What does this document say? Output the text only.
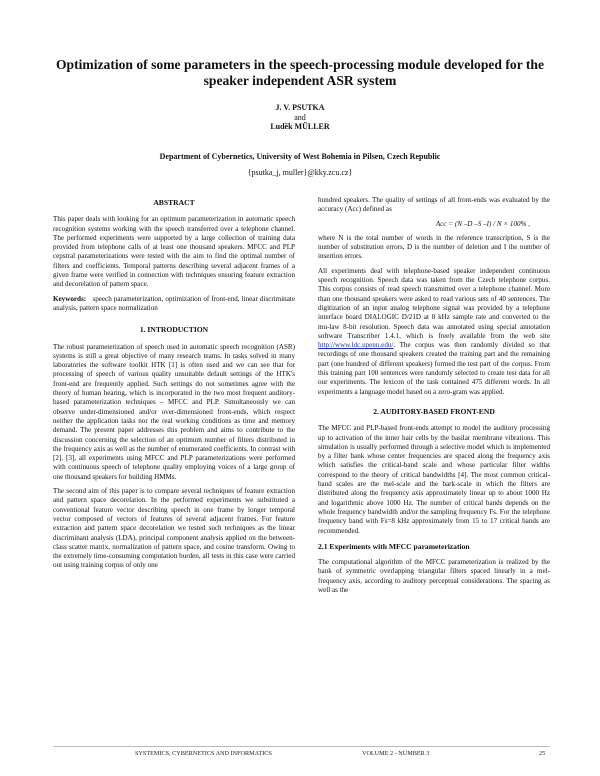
Optimization of some parameters in the speech-processing module developed for the speaker independent ASR system
J. V. PSUTKA
and
Luděk MÜLLER
Department of Cybernetics, University of West Bohemia in Pilsen, Czech Republic
{psutka_j, muller}@kky.zcu.cz}
ABSTRACT

This paper deals with looking for an optimum parameterization in automatic speech recognition systems working with the speech transferred over a telephone channel. The performed experiments were supported by a large collection of training data provided from telephone calls of at least one thousand speakers. MFCC and PLP cepstral parameterizations were tested with the aim to find the optimal number of filters and coefficients. Temporal patterns describing several adjacent frames of a given frame were verified in connection with techniques ensuring feature extraction and decorelation of pattern space.

Keywords: speech parameterization, optimization of front-end, linear discriminate analysis, pattern space normalization

1. INTRODUCTION

The robust parameterization of speech used in automatic speech recognition (ASR) systems is still a great objective of many research teams. In tasks solved in many laboratories the software toolkit HTK [1] is often used and we can see that for processing of speech of various quality unsuitable default settings of the HTK's front-end are frequently applied. Such settings do not sometimes agree with the theory of human hearing, which is incorporated in the two most frequent auditory-based parameterization techniques – MFCC and PLP. Simultaneously we can observe under-dimensioned and/or over-dimensioned front-ends, which respect neither the application tasks nor the real working conditions as time and memory demand. The present paper addresses this problem and aims to contribute to the discussion concerning the selection of an optimum number of filters distributed in the frequency axis as well as the number of enumerated coefficients. In contrast with [2], [3], all experiments using MFCC and PLP parameterizations were performed with continuous speech of telephone quality employing voices of a large group of one thousand speakers for building HMMs.

The second aim of this paper is to compare several techniques of feature extraction and pattern space decorelation. In the performed experiments we substituted a conventional feature vector describing speech in one frame by longer temporal vector composed of vectors of features of several adjacent frames. For feature extraction and pattern space decorelation we tested such techniques as the linear discriminant analysis (LDA), principal component analysis applied on the between-class scatter matrix, normalization of pattern space, and cosine transform. Owing to the extremely time-consuming computation burden, all tests in this case were carried out using training corpus of only one

hundred speakers. The quality of settings of all front-ends was evaluated by the accuracy (Acc) defined as

Acc = (N –D –S –I) / N × 100% ,

where N is the total number of words in the reference transcription, S is the number of substitution errors, D is the number of deletion and I the number of insertion errors.

All experiments deal with telephone-based speaker independent continuous speech recognition. Speech data was taken from the Czech telephone corpus. This corpus consists of read speech transmitted over a telephone channel. More than one thousand speakers were asked to read various sets of 40 sentences. The digitization of an input analog telephone signal was provided by a telephone interface board DIALOGIC D/21D at 8 kHz sample rate and converted to the mu-law 8-bit resolution. Speech data was annotated using special annotation software Transcriber 1.4.1, which is freely available from the web site http://www.ldc.upenn.edu/. The corpus was then randomly divided so that recordings of one thousand speakers created the training part and the remaining part (one hundred of different speakers) formed the test part of the corpus. From this training part 100 sentences were randomly selected to create test data for all our experiments. The lexicon of the task contained 475 different words. In all experiments a language model based on a zero-gram was applied.

2. AUDITORY-BASED FRONT-END

The MFCC and PLP-based front-ends attempt to model the auditory processing up to activation of the inner hair cells by the basilar membrane vibrations. This simulation is usually performed through a selective model which is implemented by a filter bank whose center frequencies are spaced along the frequency axis which satisfies the critical-band scale and whose particular filter widths correspond to the theory of critical bandwidths [4]. The most common critical-band scales are the mel-scale and the bark-scale in which the filters are distributed along the frequency axis approximately linear up to about 1000 Hz and logarithmic above 1000 Hz. The number of critical bands depends on the whole frequency bandwidth and/or the sampling frequency Fs. For the telephone frequency band with Fs=8 kHz approximately from 15 to 17 critical bands are recommended.

2.1 Experiments with MFCC parameterization

The computational algorithm of the MFCC parameterization is realized by the bank of symmetric overlapping triangular filters spaced linearly in a mel-frequency axis, according to auditory perceptual considerations. The spacing as well as the

SYSTEMICS, CYBERNETICS AND INFORMATICS	VOLUME 2 - NUMBER 3	25
